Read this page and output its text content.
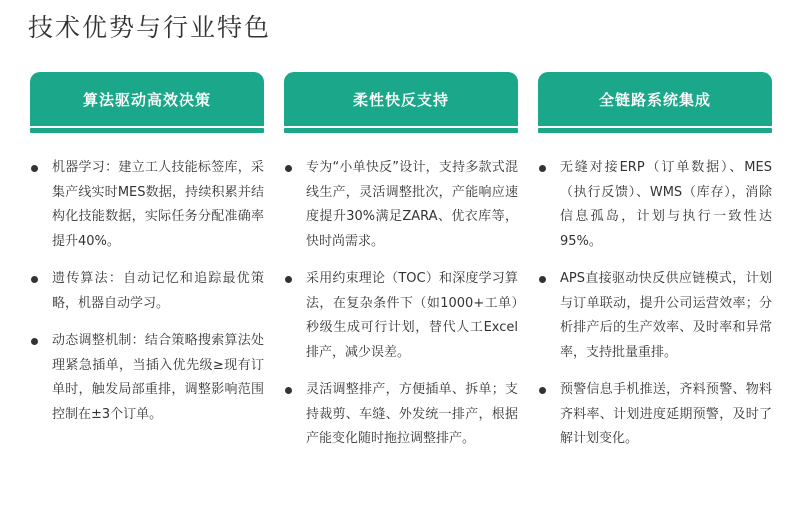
技术优势与行业特色
算法驱动高效决策
机器学习：建立工人技能标签库，采集产线实时MES数据，持续积累并结构化技能数据，实际任务分配准确率提升40%。
遗传算法：自动记忆和追踪最优策略，机器自动学习。
动态调整机制：结合策略搜索算法处理紧急插单，当插入优先级≥现有订单时，触发局部重排，调整影响范围控制在±3个订单。
柔性快反支持
专为“小单快反”设计，支持多款式混线生产，灵活调整批次，产能响应速度提升30%满足ZARA、优衣库等，快时尚需求。
采用约束理论（TOC）和深度学习算法，在复杂条件下（如1000+工单）秒级生成可行计划，替代人工Excel排产，减少误差。
灵活调整排产，方便插单、拆单；支持裁剪、车缝、外发统一排产，根据产能变化随时拖拉调整排产。
全链路系统集成
无缝对接ERP（订单数据）、MES（执行反馈）、WMS（库存），消除信息孤岛，计划与执行一致性达95%。
APS直接驱动快反供应链模式，计划与订单联动，提升公司运营效率；分析排产后的生产效率、及时率和异常率，支持批量重排。
预警信息手机推送，齐料预警、物料齐料率、计划进度延期预警，及时了解计划变化。
